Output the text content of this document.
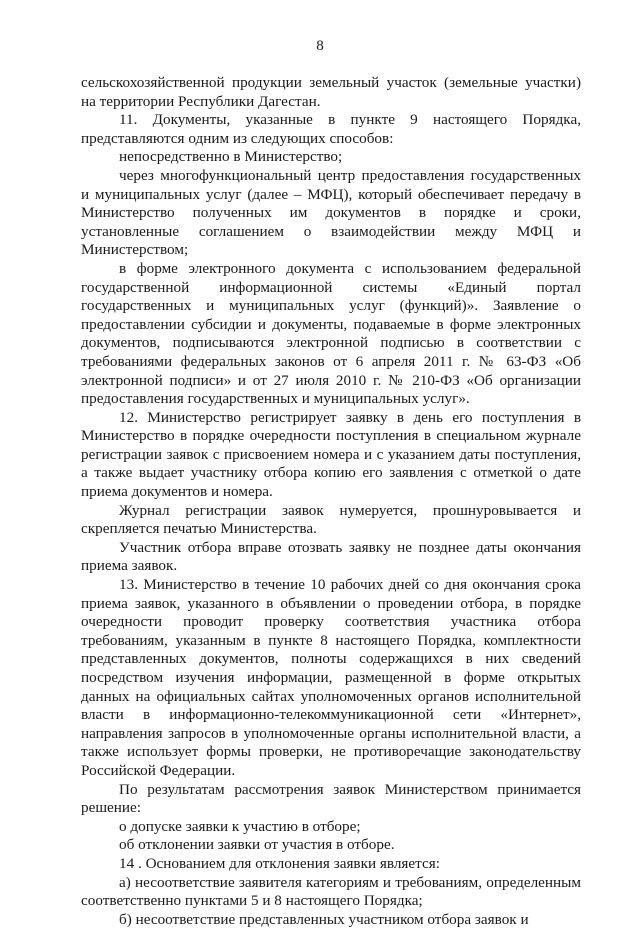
8

сельскохозяйственной продукции земельный участок (земельные участки) на территории Республики Дагестан.

11. Документы, указанные в пункте 9 настоящего Порядка, представляются одним из следующих способов:

непосредственно в Министерство;

через многофункциональный центр предоставления государственных и муниципальных услуг (далее – МФЦ), который обеспечивает передачу в Министерство полученных им документов в порядке и сроки, установленные соглашением о взаимодействии между МФЦ и Министерством;

в форме электронного документа с использованием федеральной государственной информационной системы «Единый портал государственных и муниципальных услуг (функций)». Заявление о предоставлении субсидии и документы, подаваемые в форме электронных документов, подписываются электронной подписью в соответствии с требованиями федеральных законов от 6 апреля 2011 г. № 63-ФЗ «Об электронной подписи» и от 27 июля 2010 г. № 210-ФЗ «Об организации предоставления государственных и муниципальных услуг».

12. Министерство регистрирует заявку в день его поступления в Министерство в порядке очередности поступления в специальном журнале регистрации заявок с присвоением номера и с указанием даты поступления, а также выдает участнику отбора копию его заявления с отметкой о дате приема документов и номера.

Журнал регистрации заявок нумеруется, прошнуровывается и скрепляется печатью Министерства.

Участник отбора вправе отозвать заявку не позднее даты окончания приема заявок.

13. Министерство в течение 10 рабочих дней со дня окончания срока приема заявок, указанного в объявлении о проведении отбора, в порядке очередности проводит проверку соответствия участника отбора требованиям, указанным в пункте 8 настоящего Порядка, комплектности представленных документов, полноты содержащихся в них сведений посредством изучения информации, размещенной в форме открытых данных на официальных сайтах уполномоченных органов исполнительной власти в информационно-телекоммуникационной сети «Интернет», направления запросов в уполномоченные органы исполнительной власти, а также использует формы проверки, не противоречащие законодательству Российской Федерации.

По результатам рассмотрения заявок Министерством принимается решение:

о допуске заявки к участию в отборе;

об отклонении заявки от участия в отборе.

14 . Основанием для отклонения заявки является:

а) несоответствие заявителя категориям и требованиям, определенным соответственно пунктами 5 и 8 настоящего Порядка;

б) несоответствие представленных участником отбора заявок и
